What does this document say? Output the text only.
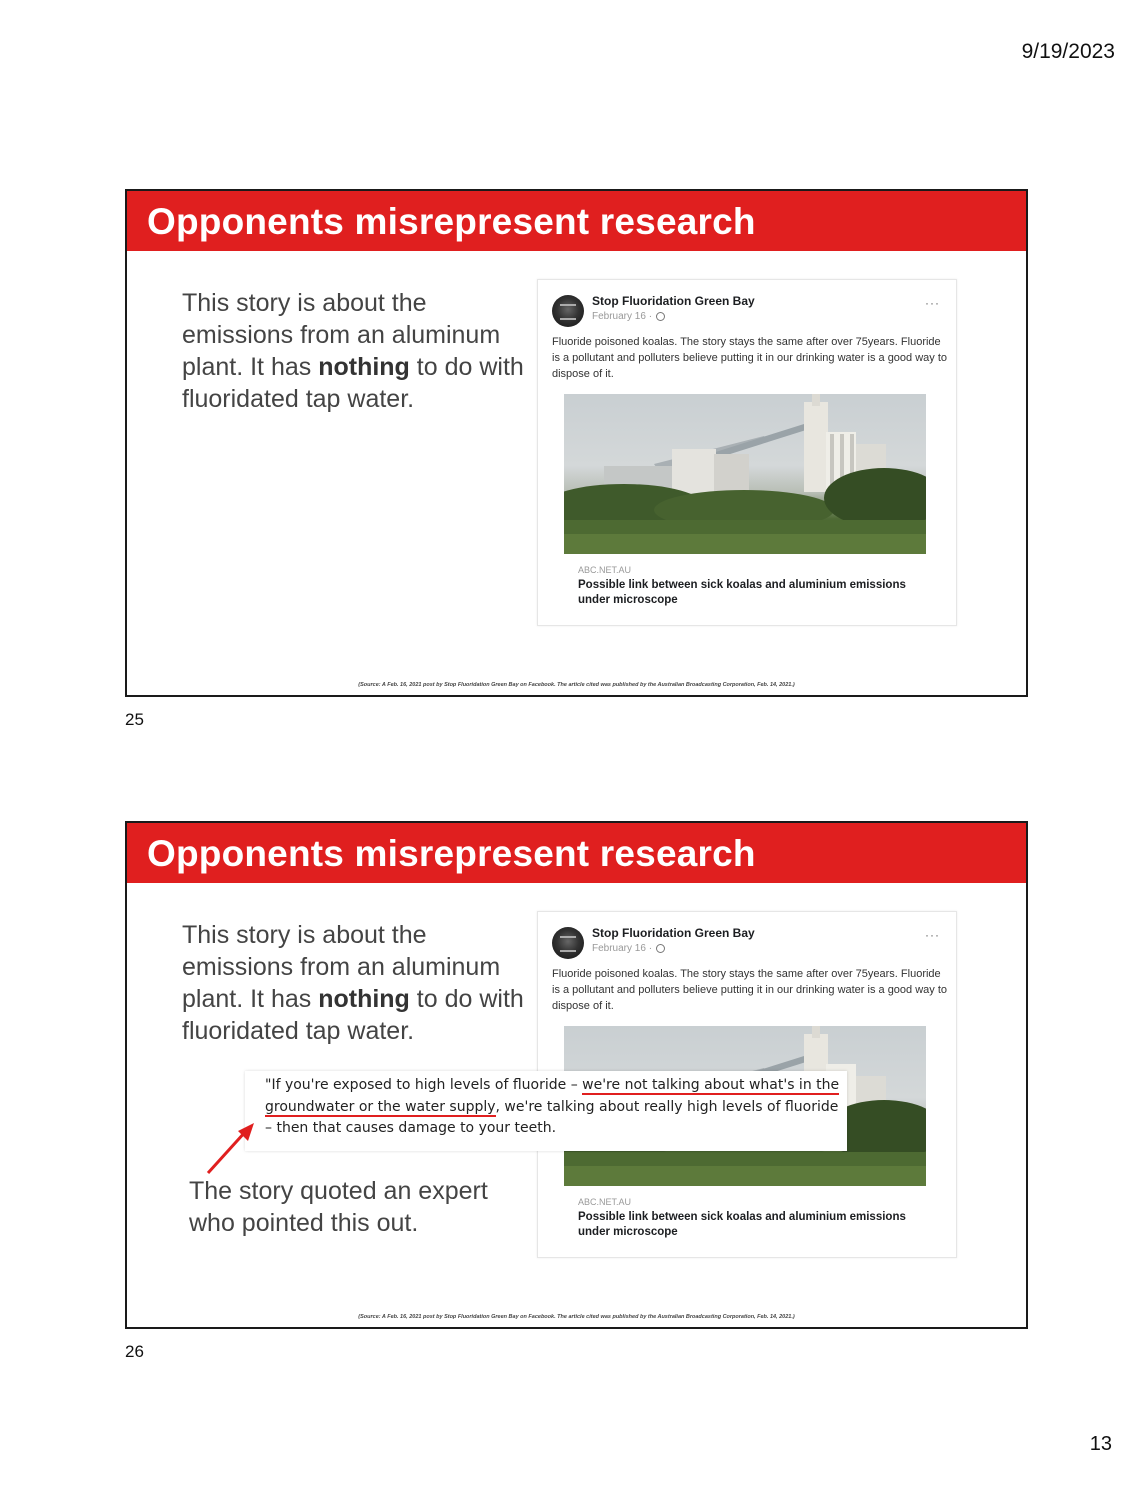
9/19/2023
Opponents misrepresent research
This story is about the emissions from an aluminum plant. It has nothing to do with fluoridated tap water.
Stop Fluoridation Green Bay
February 16 ·
···
Fluoride poisoned koalas. The story stays the same after over 75years. Fluoride is a pollutant and polluters believe putting it in our drinking water is a good way to dispose of it.
ABC.NET.AU
Possible link between sick koalas and aluminium emissions under microscope
(Source: A Feb. 16, 2021 post by Stop Fluoridation Green Bay on Facebook. The article cited was published by the Australian Broadcasting Corporation, Feb. 14, 2021.)
25
Opponents misrepresent research
This story is about the emissions from an aluminum plant. It has nothing to do with fluoridated tap water.
Stop Fluoridation Green Bay
February 16 ·
···
Fluoride poisoned koalas. The story stays the same after over 75years. Fluoride is a pollutant and polluters believe putting it in our drinking water is a good way to dispose of it.
ABC.NET.AU
Possible link between sick koalas and aluminium emissions under microscope
"If you're exposed to high levels of fluoride – we're not talking about what's in the groundwater or the water supply, we're talking about really high levels of fluoride – then that causes damage to your teeth.
The story quoted an expert who pointed this out.
(Source: A Feb. 16, 2021 post by Stop Fluoridation Green Bay on Facebook. The article cited was published by the Australian Broadcasting Corporation, Feb. 14, 2021.)
26
13
